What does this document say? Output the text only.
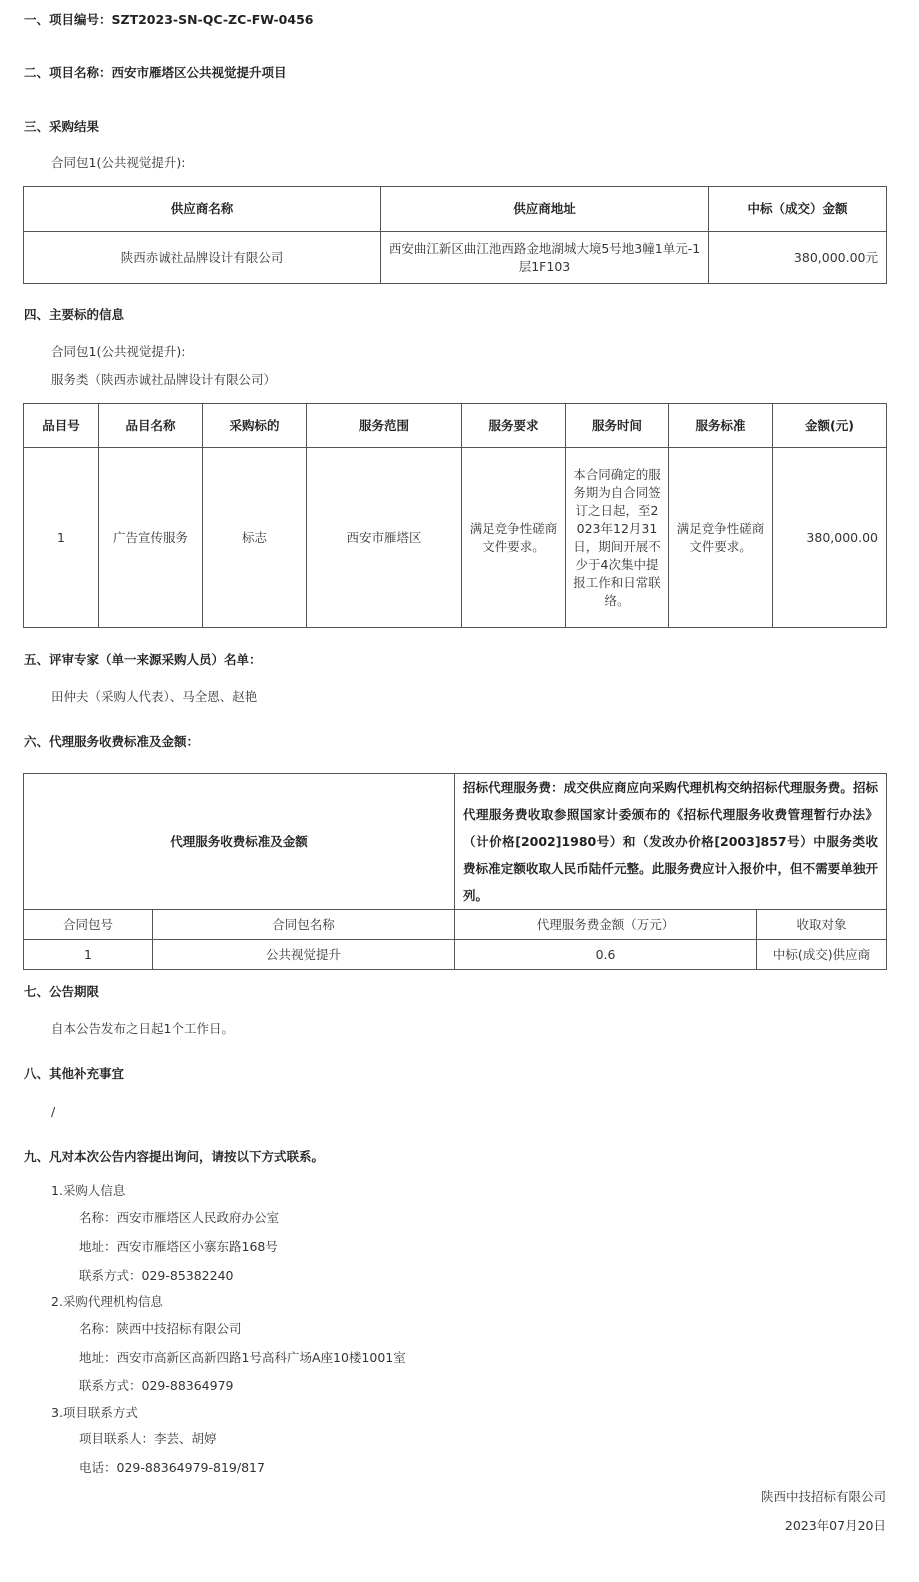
一、项目编号：SZT2023-SN-QC-ZC-FW-0456
二、项目名称：西安市雁塔区公共视觉提升项目
三、采购结果
合同包1(公共视觉提升):
供应商名称	供应商地址	中标（成交）金额
陕西赤诚社品牌设计有限公司	西安曲江新区曲江池西路金地湖城大境5号地3幢1单元-1层1F103	380,000.00元
四、主要标的信息
合同包1(公共视觉提升):
服务类（陕西赤诚社品牌设计有限公司）
品目号	品目名称	采购标的	服务范围	服务要求	服务时间	服务标准	金额(元)
1	广告宣传服务	标志	西安市雁塔区	满足竞争性磋商文件要求。	本合同确定的服务期为自合同签订之日起，至2023年12月31日，期间开展不少于4次集中提报工作和日常联络。	满足竞争性磋商文件要求。	380,000.00
五、评审专家（单一来源采购人员）名单：
田仲夫（采购人代表）、马全恩、赵艳
六、代理服务收费标准及金额：
代理服务收费标准及金额		招标代理服务费：成交供应商应向采购代理机构交纳招标代理服务费。招标代理服务费收取参照国家计委颁布的《招标代理服务收费管理暂行办法》（计价格[2002]1980号）和（发改办价格[2003]857号）中服务类收费标准定额收取人民币陆仟元整。此服务费应计入报价中，但不需要单独开列。	
合同包号	合同包名称	代理服务费金额（万元）	收取对象
1	公共视觉提升	0.6	中标(成交)供应商
七、公告期限
自本公告发布之日起1个工作日。
八、其他补充事宜
/
九、凡对本次公告内容提出询问，请按以下方式联系。
1.采购人信息
名称：西安市雁塔区人民政府办公室
地址：西安市雁塔区小寨东路168号
联系方式：029-85382240
2.采购代理机构信息
名称：陕西中技招标有限公司
地址：西安市高新区高新四路1号高科广场A座10楼1001室
联系方式：029-88364979
3.项目联系方式
项目联系人：李芸、胡婷
电话：029-88364979-819/817
陕西中技招标有限公司
2023年07月20日
